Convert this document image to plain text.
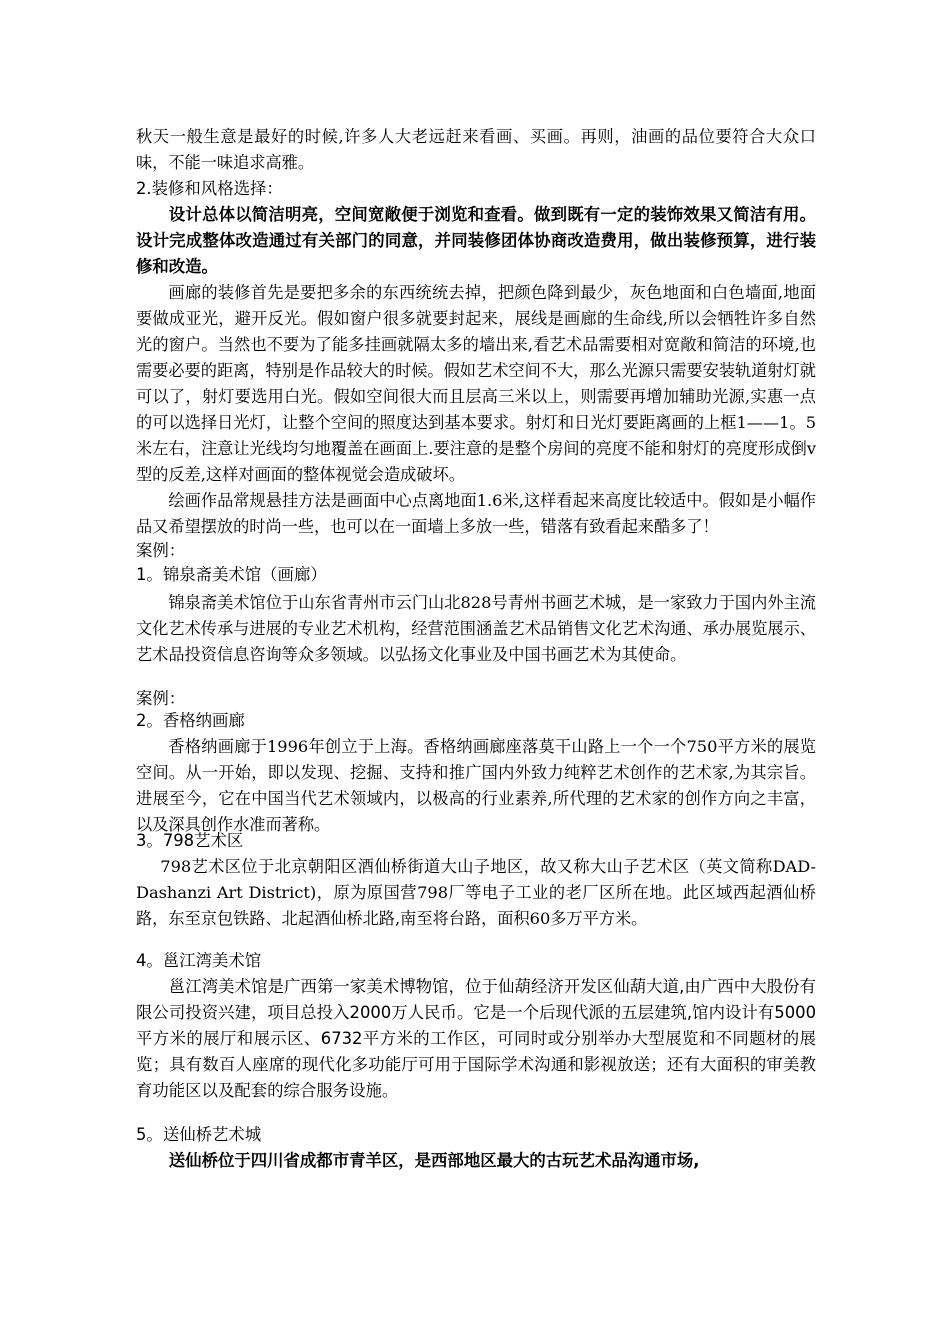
秋天一般生意是最好的时候,许多人大老远赶来看画、买画。再则，油画的品位要符合大众口味，不能一味追求高雅。

2.装修和风格选择：

设计总体以简洁明亮，空间宽敞便于浏览和查看。做到既有一定的装饰效果又简洁有用。设计完成整体改造通过有关部门的同意，并同装修团体协商改造费用，做出装修预算，进行装修和改造。

画廊的装修首先是要把多余的东西统统去掉，把颜色降到最少，灰色地面和白色墙面,地面要做成亚光，避开反光。假如窗户很多就要封起来，展线是画廊的生命线,所以会牺牲许多自然光的窗户。当然也不要为了能多挂画就隔太多的墙出来,看艺术品需要相对宽敞和简洁的环境,也需要必要的距离，特别是作品较大的时候。假如艺术空间不大，那么光源只需要安装轨道射灯就可以了，射灯要选用白光。假如空间很大而且层高三米以上，则需要再增加辅助光源,实惠一点的可以选择日光灯，让整个空间的照度达到基本要求。射灯和日光灯要距离画的上框1——1。5米左右，注意让光线均匀地覆盖在画面上.要注意的是整个房间的亮度不能和射灯的亮度形成倒v型的反差,这样对画面的整体视觉会造成破坏。

绘画作品常规悬挂方法是画面中心点离地面1.6米,这样看起来高度比较适中。假如是小幅作品又希望摆放的时尚一些，也可以在一面墙上多放一些，错落有致看起来酷多了！

案例：

1。锦泉斋美术馆（画廊）

锦泉斋美术馆位于山东省青州市云门山北828号青州书画艺术城，是一家致力于国内外主流文化艺术传承与进展的专业艺术机构，经营范围涵盖艺术品销售文化艺术沟通、承办展览展示、艺术品投资信息咨询等众多领域。以弘扬文化事业及中国书画艺术为其使命。

案例：

2。香格纳画廊

香格纳画廊于1996年创立于上海。香格纳画廊座落莫干山路上一个一个750平方米的展览空间。从一开始，即以发现、挖掘、支持和推广国内外致力纯粹艺术创作的艺术家,为其宗旨。进展至今，它在中国当代艺术领域内，以极高的行业素养,所代理的艺术家的创作方向之丰富，以及深具创作水准而著称。

3。798艺术区

798艺术区位于北京朝阳区酒仙桥街道大山子地区，故又称大山子艺术区（英文简称DAD-Dashanzi Art District)，原为原国营798厂等电子工业的老厂区所在地。此区域西起酒仙桥路，东至京包铁路、北起酒仙桥北路,南至将台路，面积60多万平方米。

4。邕江湾美术馆

邕江湾美术馆是广西第一家美术博物馆，位于仙葫经济开发区仙葫大道,由广西中大股份有限公司投资兴建，项目总投入2000万人民币。它是一个后现代派的五层建筑,馆内设计有5000平方米的展厅和展示区、6732平方米的工作区，可同时或分别举办大型展览和不同题材的展览；具有数百人座席的现代化多功能厅可用于国际学术沟通和影视放送；还有大面积的审美教育功能区以及配套的综合服务设施。

5。送仙桥艺术城

送仙桥位于四川省成都市青羊区，是西部地区最大的古玩艺术品沟通市场,
